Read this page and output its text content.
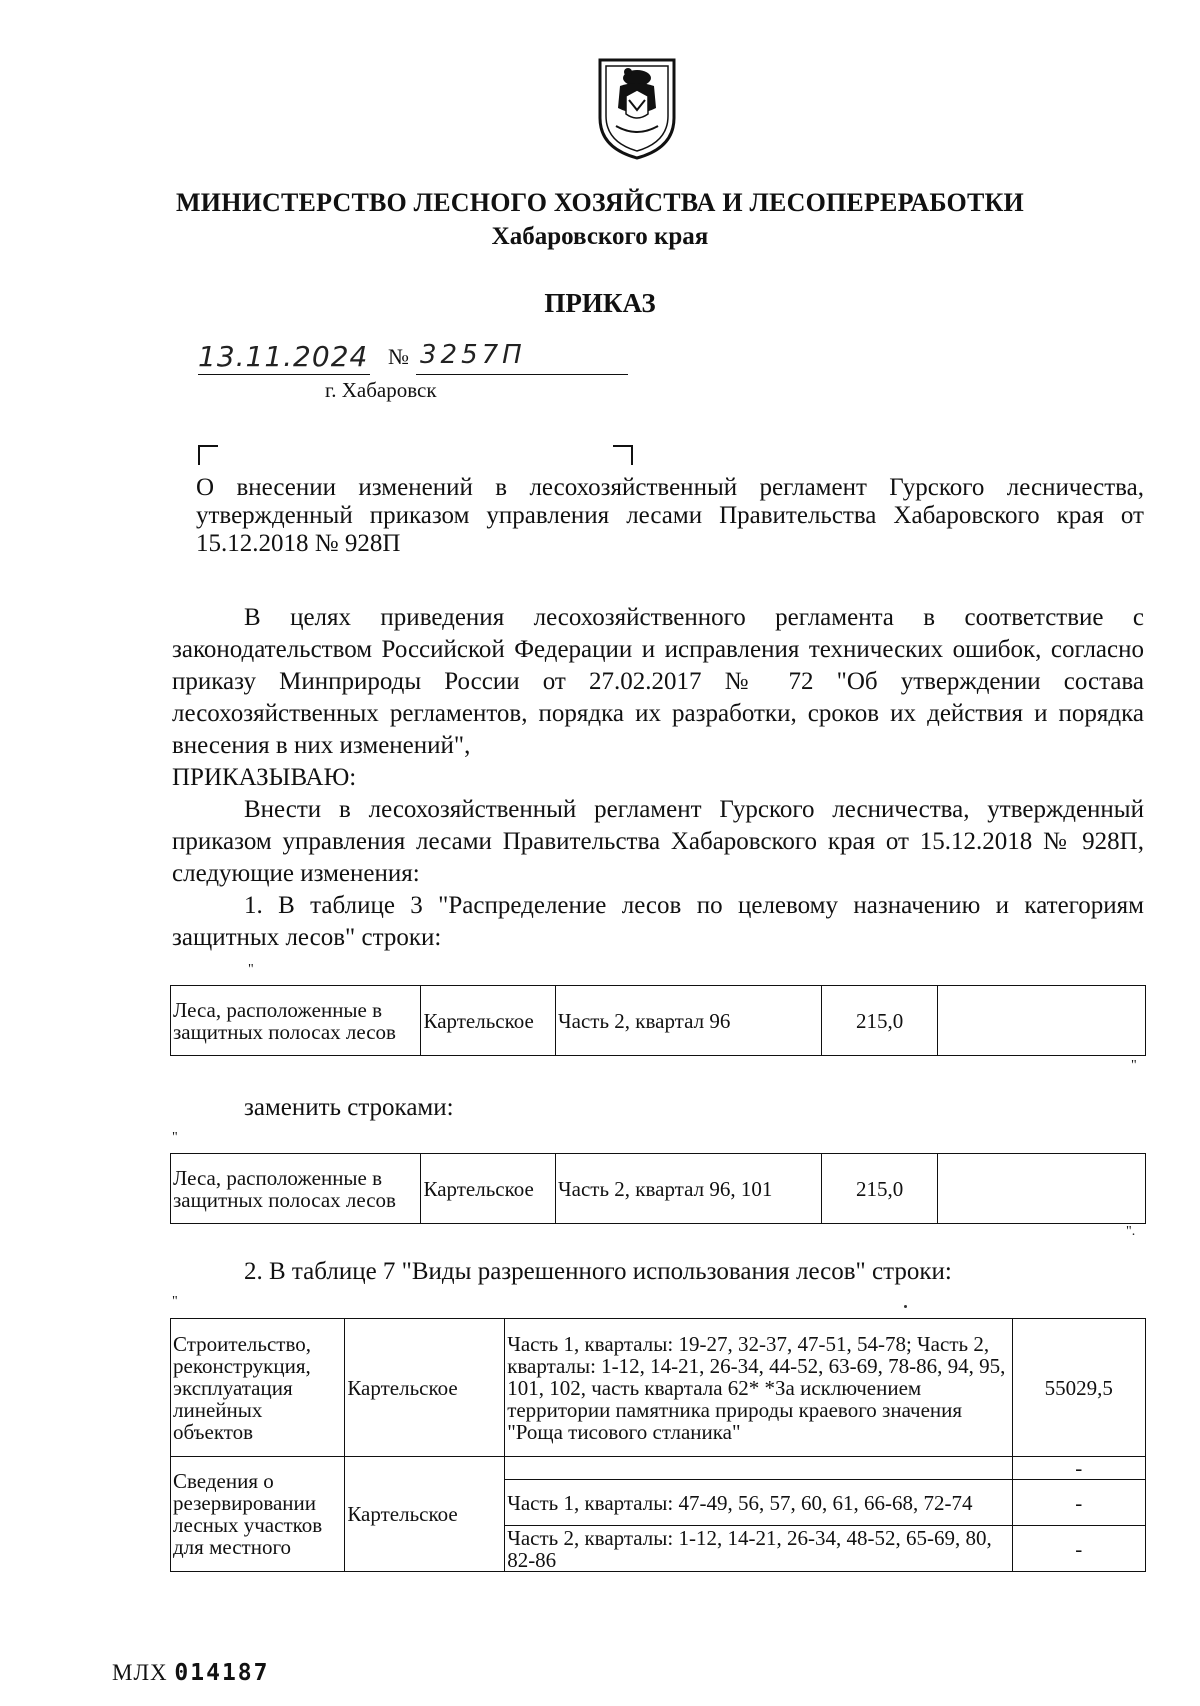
МИНИСТЕРСТВО ЛЕСНОГО ХОЗЯЙСТВА И ЛЕСОПЕРЕРАБОТКИ
Хабаровского края
ПРИКАЗ
13.11.2024 № 3257П
г. Хабаровск
О внесении изменений в лесохозяйственный регламент Гурского лесничества, утвержденный приказом управления лесами Правительства Хабаровского края от 15.12.2018 № 928П

В целях приведения лесохозяйственного регламента в соответствие с законодательством Российской Федерации и исправления технических ошибок, согласно приказу Минприроды России от 27.02.2017 № 72 "Об утверждении состава лесохозяйственных регламентов, порядка их разработки, сроков их действия и порядка внесения в них изменений",

ПРИКАЗЫВАЮ:

Внести в лесохозяйственный регламент Гурского лесничества, утвержденный приказом управления лесами Правительства Хабаровского края от 15.12.2018 № 928П, следующие изменения:

1. В таблице 3 "Распределение лесов по целевому назначению и категориям защитных лесов" строки:

"
Леса, расположенные в защитных полосах лесов	Картельское	Часть 2, квартал 96	215,0	
"
заменить строками:
"
Леса, расположенные в защитных полосах лесов	Картельское	Часть 2, квартал 96, 101	215,0	
".
2. В таблице 7 "Виды разрешенного использования лесов" строки:
"
Строительство, реконструкция, эксплуатация линейных объектов	Картельское	Часть 1, кварталы: 19-27, 32-37, 47-51, 54-78; Часть 2, кварталы: 1-12, 14-21, 26-34, 44-52, 63-69, 78-86, 94, 95, 101, 102, часть квартала 62* *За исключением территории памятника природы краевого значения "Роща тисового стланика"	55029,5
Сведения о резервировании лесных участков для местного	Картельское		-
		Часть 1, кварталы: 47-49, 56, 57, 60, 61, 66-68, 72-74	-
		Часть 2, кварталы: 1-12, 14-21, 26-34, 48-52, 65-69, 80, 82-86	-
МЛХ 014187
